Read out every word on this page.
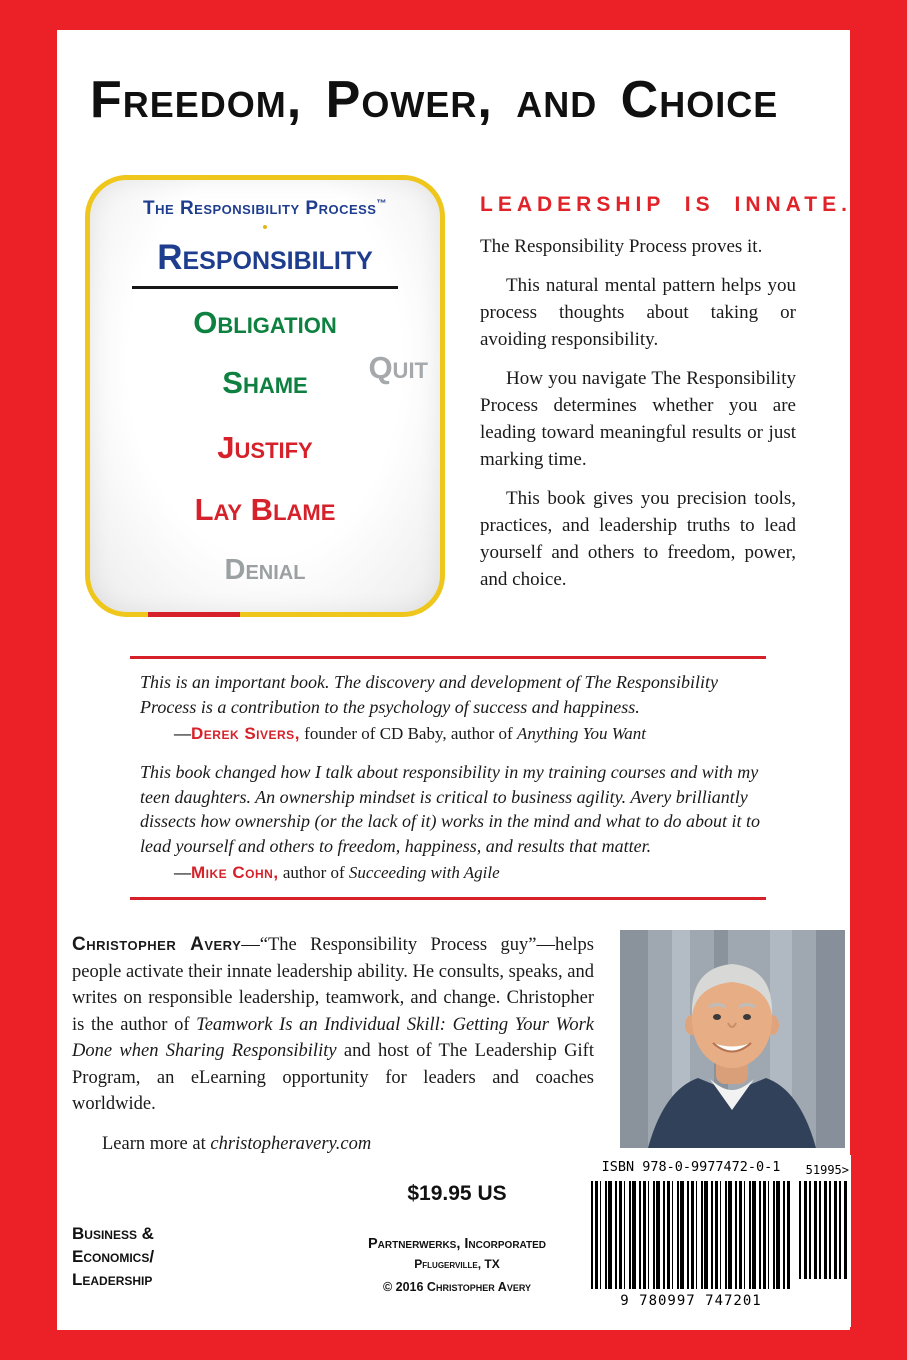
Freedom, Power, and Choice
The Responsibility Process™
•
Responsibility
Obligation
Shame
Justify
Lay Blame
Denial
Quit
LEADERSHIP IS INNATE.

The Responsibility Process proves it.

This natural mental pattern helps you process thoughts about taking or avoiding responsibility.

How you navigate The Responsibility Process determines whether you are leading toward meaningful results or just marking time.

This book gives you precision tools, practices, and leadership truths to lead yourself and others to freedom, power, and choice.

This is an important book. The discovery and development of The Responsibility Process is a contribution to the psychology of success and happiness.

—Derek Sivers, founder of CD Baby, author of Anything You Want

This book changed how I talk about responsibility in my training courses and with my teen daughters. An ownership mindset is critical to business agility. Avery brilliantly dissects how ownership (or the lack of it) works in the mind and what to do about it to lead yourself and others to freedom, happiness, and results that matter.

—Mike Cohn, author of Succeeding with Agile

Christopher Avery—“The Responsibility Process guy”—helps people activate their innate leadership ability. He consults, speaks, and writes on responsible leadership, teamwork, and change. Christopher is the author of Teamwork Is an Individual Skill: Getting Your Work Done when Sharing Responsibility and host of The Leadership Gift Program, an eLearning opportunity for leaders and coaches worldwide.

Learn more at christopheravery.com

$19.95 US
Business &
Economics/
Leadership
Partnerwerks, Incorporated
Pflugerville, TX
© 2016 Christopher Avery
ISBN 978-0-9977472-0-1	51995>
9 780997 747201
